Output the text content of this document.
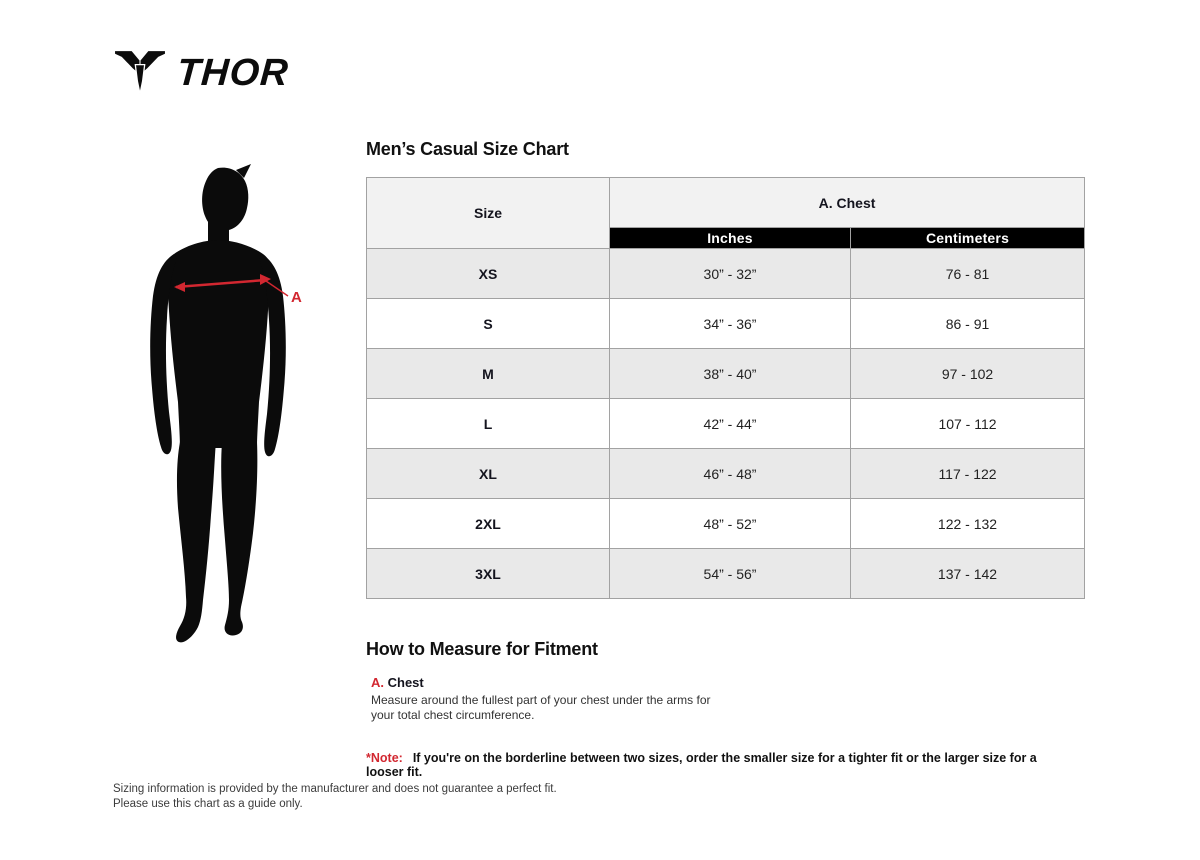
THOR
A
Men’s Casual Size Chart
Size	A. Chest	
	Inches	Centimeters
XS	30” - 32”	76 - 81
S	34” - 36”	86 - 91
M	38” - 40”	97 - 102
L	42” - 44”	107 - 112
XL	46” - 48”	117 - 122
2XL	48” - 52”	122 - 132
3XL	54” - 56”	137 - 142
How to Measure for Fitment
A. Chest

Measure around the fullest part of your chest under the arms for your total chest circumference.

*Note: If you're on the borderline between two sizes, order the smaller size for a tighter fit or the larger size for a looser fit.

Sizing information is provided by the manufacturer and does not guarantee a perfect fit.
Please use this chart as a guide only.
